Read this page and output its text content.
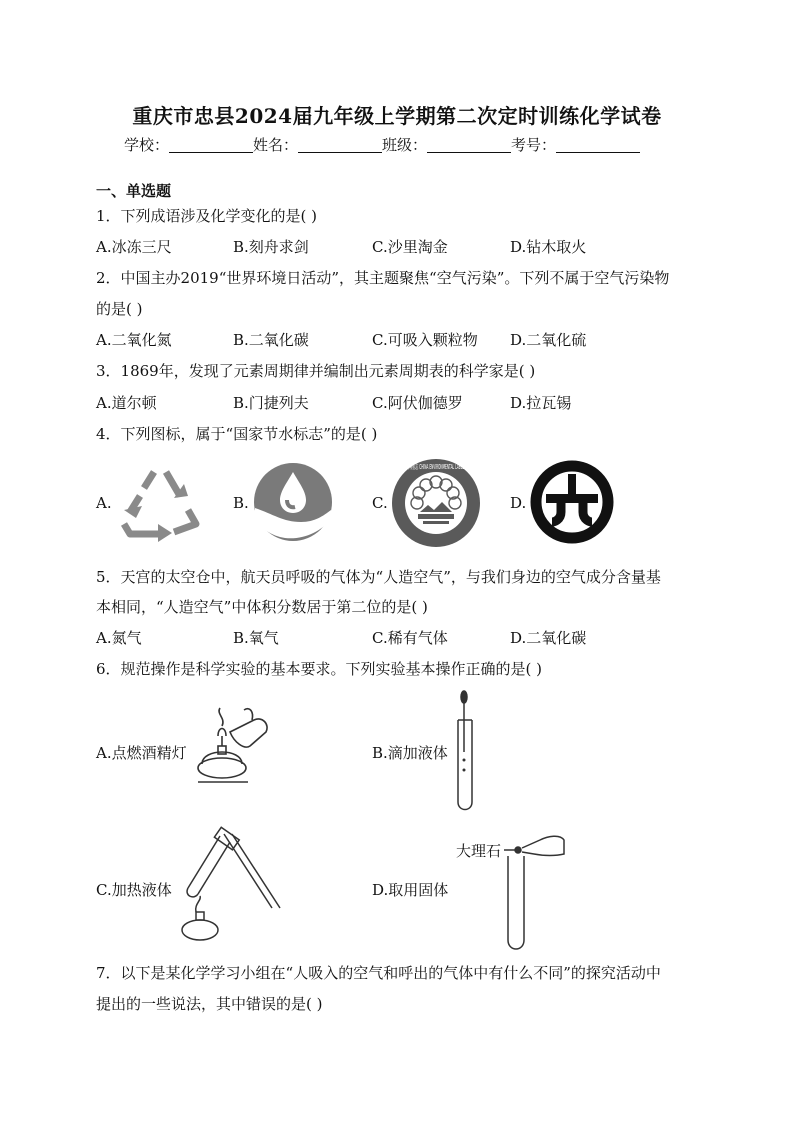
重庆市忠县2024届九年级上学期第二次定时训练化学试卷
学校：	姓名：	班级：	考号：
一、单选题
1．下列成语涉及化学变化的是( )
A.冰冻三尺	B.刻舟求剑	C.沙里淘金	D.钻木取火
2．中国主办2019“世界环境日活动”，其主题聚焦“空气污染”。下列不属于空气污染物
的是( )
A.二氧化氮	B.二氧化碳	C.可吸入颗粒物 D.二氧化硫
3．1869年，发现了元素周期律并编制出元素周期表的科学家是( )
A.道尔顿	B.门捷列夫	C.阿伏伽德罗	D.拉瓦锡
4．下列图标，属于“国家节水标志”的是( )
A.	B.	C.	D.
中国环境标志 CHINA ENVIRONMENTAL LABELLING
5．天宫的太空仓中，航天员呼吸的气体为“人造空气”，与我们身边的空气成分含量基
本相同，“人造空气”中体积分数居于第二位的是( )
A.氮气	B.氧气	C.稀有气体	D.二氧化碳
6．规范操作是科学实验的基本要求。下列实验基本操作正确的是( )
A.点燃酒精灯	B.滴加液体
C.加热液体	D.取用固体
大理石
7．以下是某化学学习小组在“人吸入的空气和呼出的气体中有什么不同”的探究活动中
提出的一些说法，其中错误的是( )
